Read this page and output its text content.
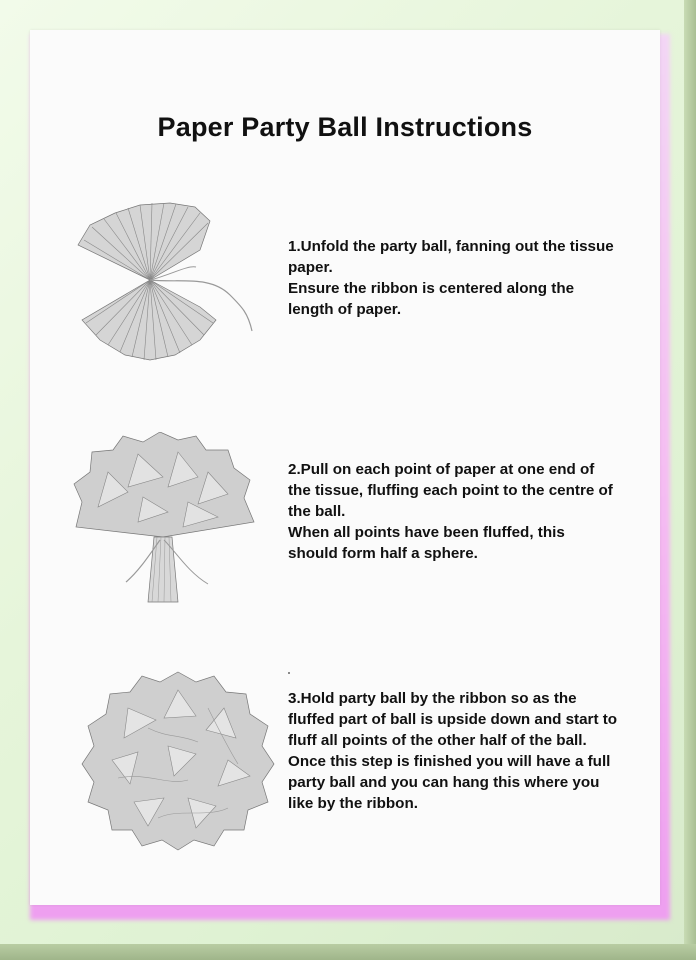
Paper Party Ball Instructions

1.Unfold the party ball, fanning out the tissue paper.

Ensure the ribbon is centered along the length of paper.

2.Pull on each point of paper at one end of the tissue, fluffing each point to the centre of the ball.

When all points have been fluffed, this should form half a sphere.

3.Hold party ball by the ribbon so as the fluffed part of ball is upside down and start to fluff all points of the other half of the ball.

Once this step is finished you will have a full party ball and you can hang this where you like by the ribbon.
